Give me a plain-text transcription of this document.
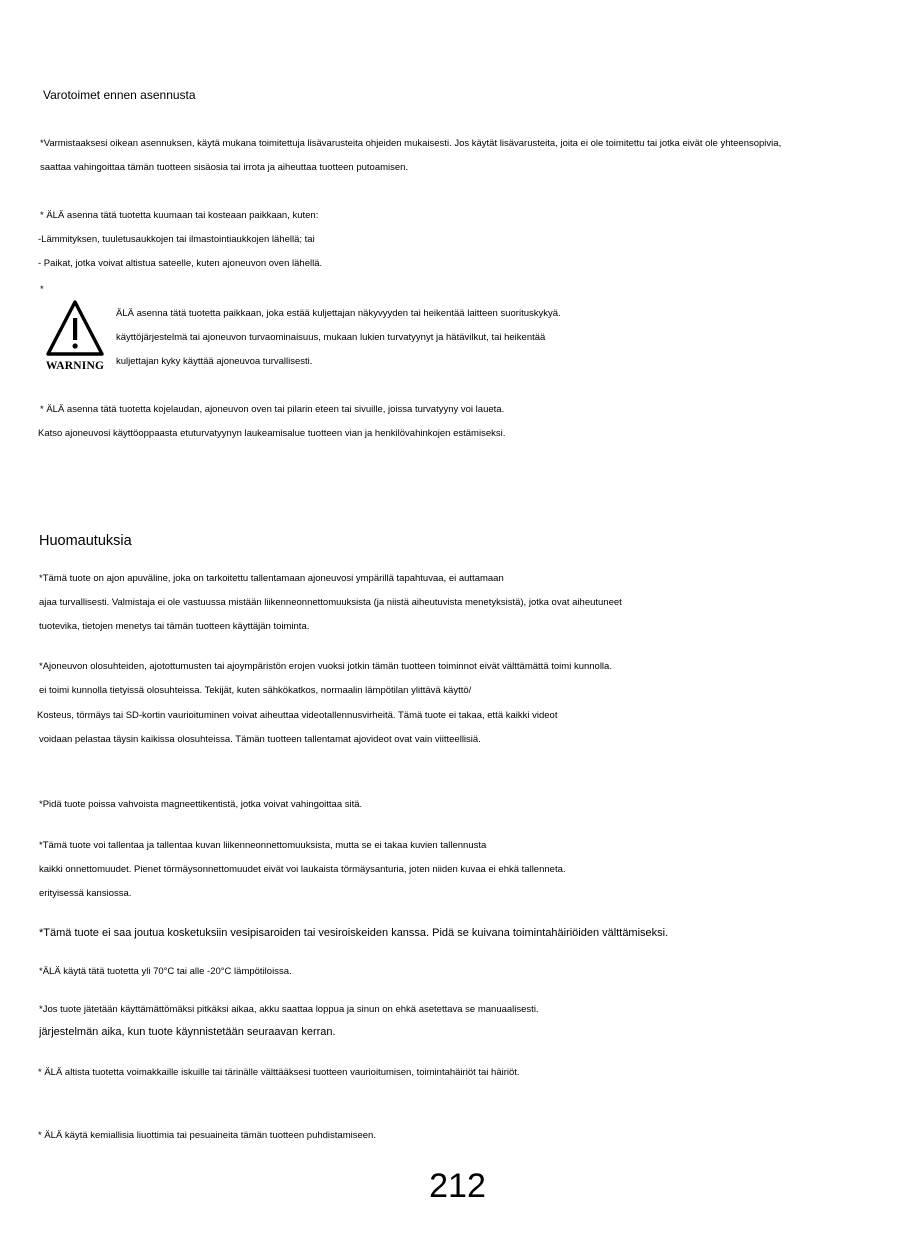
Varotoimet ennen asennusta
*Varmistaaksesi oikean asennuksen, käytä mukana toimitettuja lisävarusteita ohjeiden mukaisesti. Jos käytät lisävarusteita, joita ei ole toimitettu tai jotka eivät ole yhteensopivia,
saattaa vahingoittaa tämän tuotteen sisäosia tai irrota ja aiheuttaa tuotteen putoamisen.
* ÄLÄ asenna tätä tuotetta kuumaan tai kosteaan paikkaan, kuten:
-Lämmityksen, tuuletusaukkojen tai ilmastointiaukkojen lähellä; tai
- Paikat, jotka voivat altistua sateelle, kuten ajoneuvon oven lähellä.
*
WARNING
ÄLÄ asenna tätä tuotetta paikkaan, joka estää kuljettajan näkyvyyden tai heikentää laitteen suorituskykyä.
käyttöjärjestelmä tai ajoneuvon turvaominaisuus, mukaan lukien turvatyynyt ja hätävilkut, tai heikentää
kuljettajan kyky käyttää ajoneuvoa turvallisesti.
* ÄLÄ asenna tätä tuotetta kojelaudan, ajoneuvon oven tai pilarin eteen tai sivuille, joissa turvatyyny voi laueta.
Katso ajoneuvosi käyttöoppaasta etuturvatyynyn laukeamisalue tuotteen vian ja henkilövahinkojen estämiseksi.
Huomautuksia
*Tämä tuote on ajon apuväline, joka on tarkoitettu tallentamaan ajoneuvosi ympärillä tapahtuvaa, ei auttamaan
ajaa turvallisesti. Valmistaja ei ole vastuussa mistään liikenneonnettomuuksista (ja niistä aiheutuvista menetyksistä), jotka ovat aiheutuneet
tuotevika, tietojen menetys tai tämän tuotteen käyttäjän toiminta.
*Ajoneuvon olosuhteiden, ajotottumusten tai ajoympäristön erojen vuoksi jotkin tämän tuotteen toiminnot eivät välttämättä toimi kunnolla.
ei toimi kunnolla tietyissä olosuhteissa. Tekijät, kuten sähkökatkos, normaalin lämpötilan ylittävä käyttö/
Kosteus, törmäys tai SD-kortin vaurioituminen voivat aiheuttaa videotallennusvirheitä. Tämä tuote ei takaa, että kaikki videot
voidaan pelastaa täysin kaikissa olosuhteissa. Tämän tuotteen tallentamat ajovideot ovat vain viitteellisiä.
*Pidä tuote poissa vahvoista magneettikentistä, jotka voivat vahingoittaa sitä.
*Tämä tuote voi tallentaa ja tallentaa kuvan liikenneonnettomuuksista, mutta se ei takaa kuvien tallennusta
kaikki onnettomuudet. Pienet törmäysonnettomuudet eivät voi laukaista törmäysanturia, joten niiden kuvaa ei ehkä tallenneta.
erityisessä kansiossa.
*Tämä tuote ei saa joutua kosketuksiin vesipisaroiden tai vesiroiskeiden kanssa. Pidä se kuivana toimintahäiriöiden välttämiseksi.
*ÄLÄ käytä tätä tuotetta yli 70°C tai alle -20°C lämpötiloissa.
*Jos tuote jätetään käyttämättömäksi pitkäksi aikaa, akku saattaa loppua ja sinun on ehkä asetettava se manuaalisesti.
järjestelmän aika, kun tuote käynnistetään seuraavan kerran.
* ÄLÄ altista tuotetta voimakkaille iskuille tai tärinälle välttääksesi tuotteen vaurioitumisen, toimintahäiriöt tai häiriöt.
* ÄLÄ käytä kemiallisia liuottimia tai pesuaineita tämän tuotteen puhdistamiseen.
212
